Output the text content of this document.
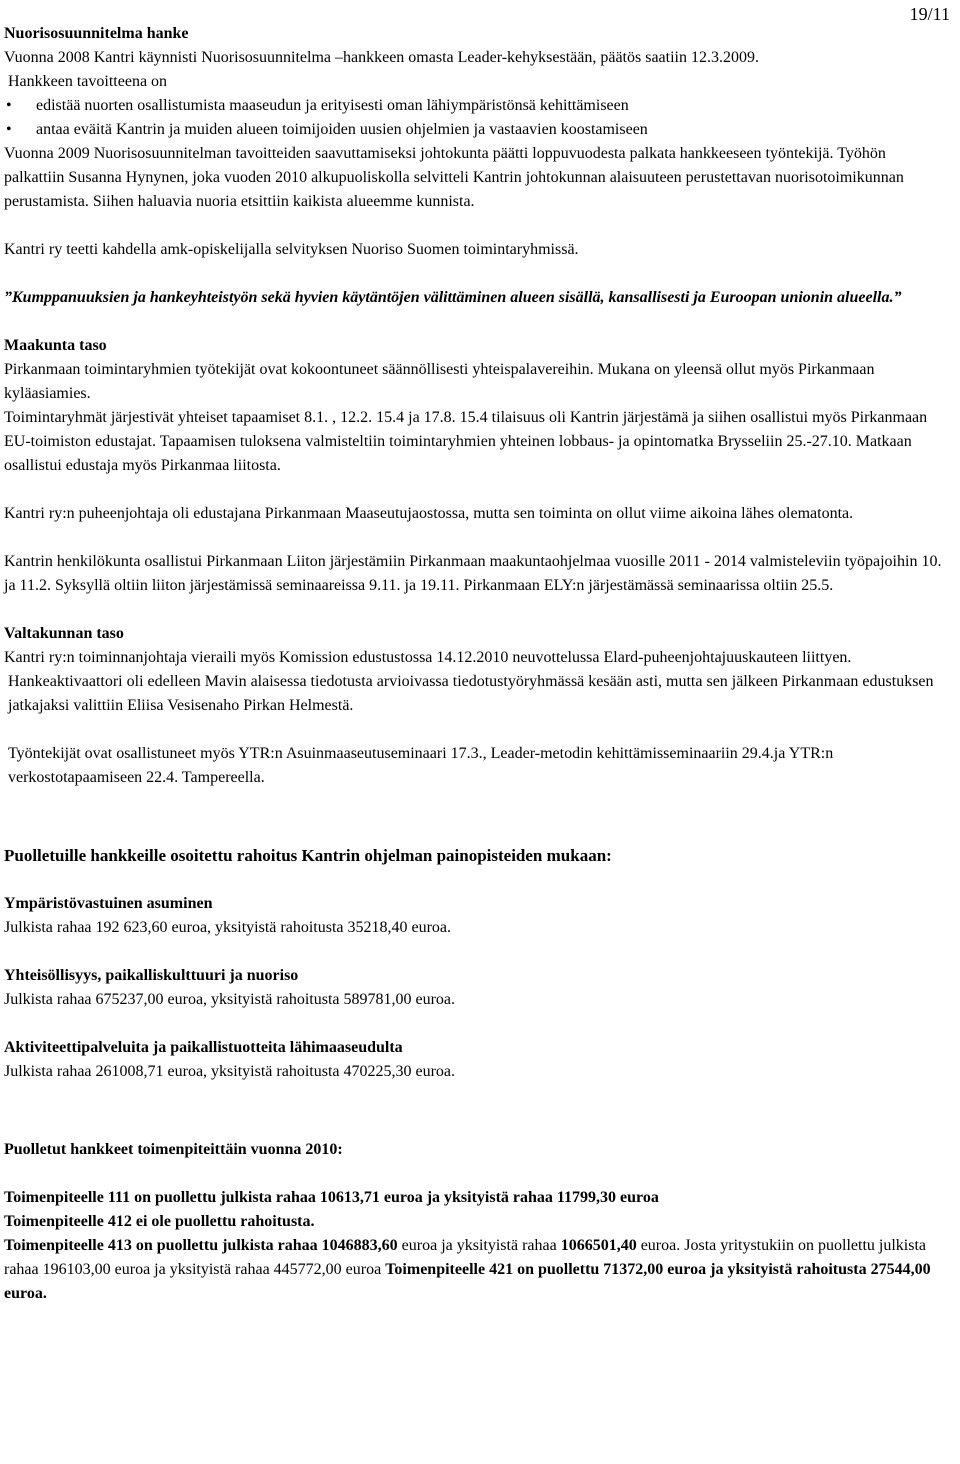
19/11

Nuorisosuunnitelma hanke

Vuonna 2008 Kantri käynnisti Nuorisosuunnitelma –hankkeen omasta Leader-kehyksestään, päätös saatiin 12.3.2009.

Hankkeen tavoitteena on

• edistää nuorten osallistumista maaseudun ja erityisesti oman lähiympäristönsä kehittämiseen
• antaa eväitä Kantrin ja muiden alueen toimijoiden uusien ohjelmien ja vastaavien koostamiseen

Vuonna 2009 Nuorisosuunnitelman tavoitteiden saavuttamiseksi johtokunta päätti loppuvuodesta palkata hankkeeseen työntekijä. Työhön palkattiin Susanna Hynynen, joka vuoden 2010 alkupuoliskolla selvitteli Kantrin johtokunnan alaisuuteen perustettavan nuorisotoimikunnan perustamista. Siihen haluavia nuoria etsittiin kaikista alueemme kunnista.

Kantri ry teetti kahdella amk-opiskelijalla selvityksen Nuoriso Suomen toimintaryhmissä.

”Kumppanuuksien ja hankeyhteistyön sekä hyvien käytäntöjen välittäminen alueen sisällä, kansallisesti ja Euroopan unionin alueella.”

Maakunta taso

Pirkanmaan toimintaryhmien työtekijät ovat kokoontuneet säännöllisesti yhteispalavereihin. Mukana on yleensä ollut myös Pirkanmaan kyläasiamies.

Toimintaryhmät järjestivät yhteiset tapaamiset 8.1. , 12.2. 15.4 ja 17.8. 15.4 tilaisuus oli Kantrin järjestämä ja siihen osallistui myös Pirkanmaan EU-toimiston edustajat. Tapaamisen tuloksena valmisteltiin toimintaryhmien yhteinen lobbaus- ja opintomatka Brysseliin 25.-27.10. Matkaan osallistui edustaja myös Pirkanmaa liitosta.

Kantri ry:n puheenjohtaja oli edustajana Pirkanmaan Maaseutujaostossa, mutta sen toiminta on ollut viime aikoina lähes olematonta.

Kantrin henkilökunta osallistui Pirkanmaan Liiton järjestämiin Pirkanmaan maakuntaohjelmaa vuosille 2011 - 2014 valmisteleviin työpajoihin 10. ja 11.2. Syksyllä oltiin liiton järjestämissä seminaareissa 9.11. ja 19.11. Pirkanmaan ELY:n järjestämässä seminaarissa oltiin 25.5.

Valtakunnan taso

Kantri ry:n toiminnanjohtaja vieraili myös Komission edustustossa 14.12.2010 neuvottelussa Elard-puheenjohtajuuskauteen liittyen.

Hankeaktivaattori oli edelleen Mavin alaisessa tiedotusta arvioivassa tiedotustyöryhmässä kesään asti, mutta sen jälkeen Pirkanmaan edustuksen jatkajaksi valittiin Eliisa Vesisenaho Pirkan Helmestä.

Työntekijät ovat osallistuneet myös YTR:n Asuinmaaseutuseminaari 17.3., Leader-metodin kehittämisseminaariin 29.4.ja YTR:n verkostotapaamiseen 22.4. Tampereella.

Puolletuille hankkeille osoitettu rahoitus Kantrin ohjelman painopisteiden mukaan:

Ympäristövastuinen asuminen

Julkista rahaa 192 623,60 euroa, yksityistä rahoitusta 35218,40 euroa.

Yhteisöllisyys, paikalliskulttuuri ja nuoriso

Julkista rahaa 675237,00 euroa, yksityistä rahoitusta 589781,00 euroa.

Aktiviteettipalveluita ja paikallistuotteita lähimaaseudulta

Julkista rahaa 261008,71 euroa, yksityistä rahoitusta 470225,30 euroa.

Puolletut hankkeet toimenpiteittäin vuonna 2010:

Toimenpiteelle 111 on puollettu julkista rahaa 10613,71 euroa ja yksityistä rahaa 11799,30 euroa

Toimenpiteelle 412 ei ole puollettu rahoitusta.

Toimenpiteelle 413 on puollettu julkista rahaa 1046883,60 euroa ja yksityistä rahaa 1066501,40 euroa. Josta yritystukiin on puollettu julkista rahaa 196103,00 euroa ja yksityistä rahaa 445772,00 euroa Toimenpiteelle 421 on puollettu 71372,00 euroa ja yksityistä rahoitusta 27544,00 euroa.
